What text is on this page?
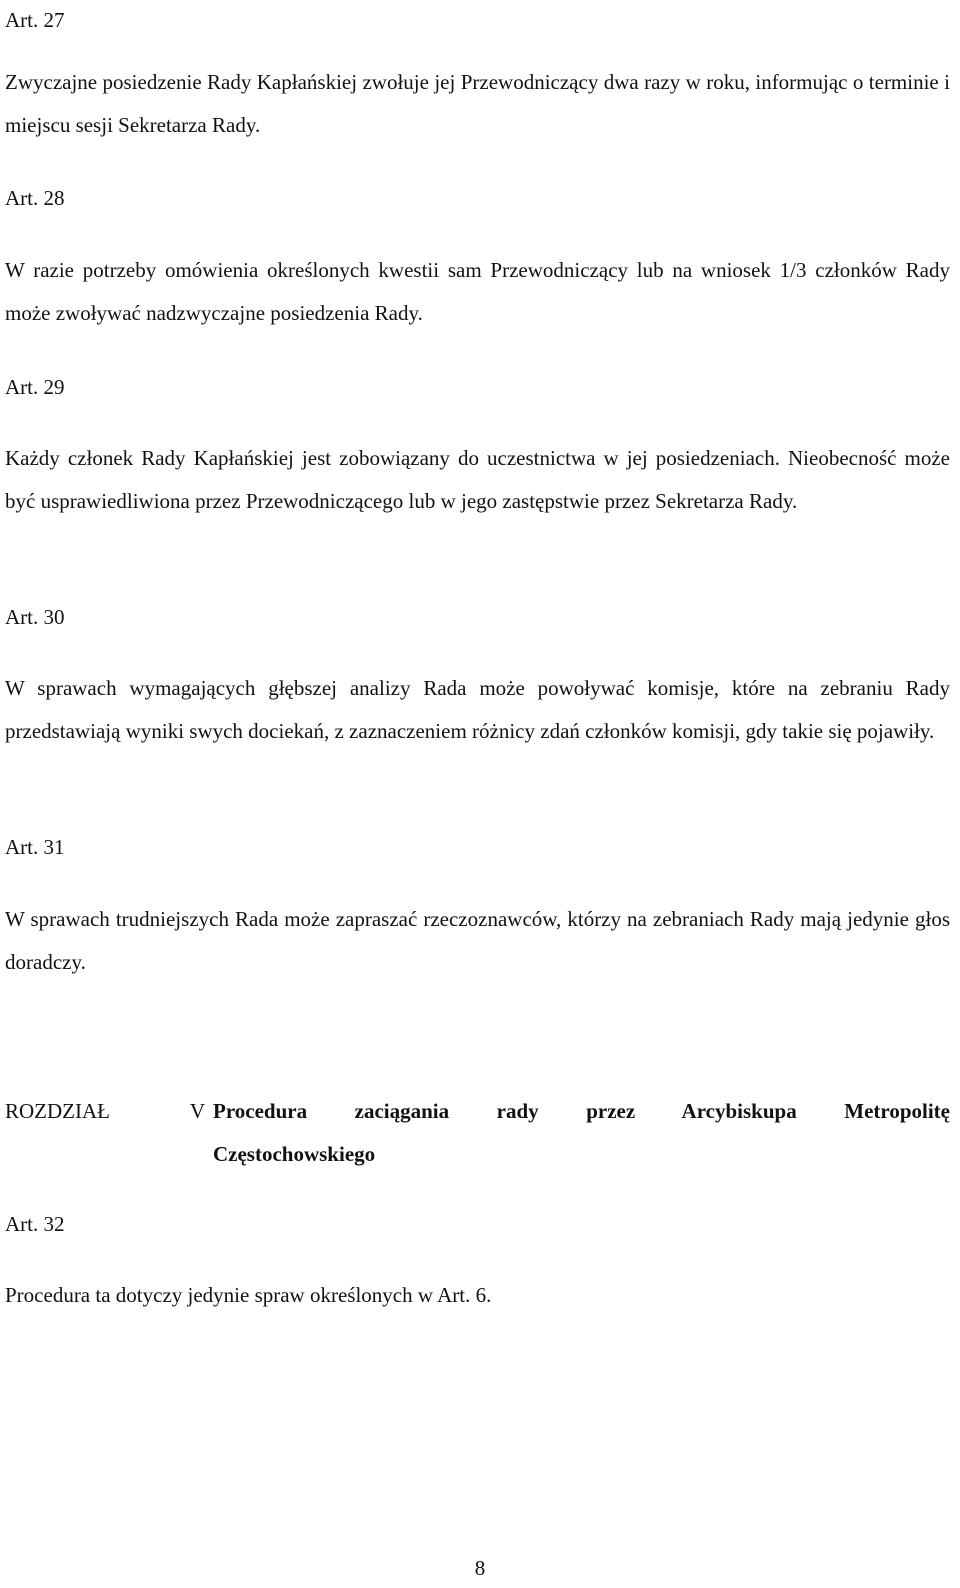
Art. 27

Zwyczajne posiedzenie Rady Kapłańskiej zwołuje jej Przewodniczący dwa razy w roku, informując o terminie i miejscu sesji Sekretarza Rady.

Art. 28

W razie potrzeby omówienia określonych kwestii sam Przewodniczący lub na wniosek 1/3 członków Rady może zwoływać nadzwyczajne posiedzenia Rady.

Art. 29

Każdy członek Rady Kapłańskiej jest zobowiązany do uczestnictwa w jej posiedzeniach. Nieobecność może być usprawiedliwiona przez Przewodniczącego lub w jego zastępstwie przez Sekretarza Rady.

Art. 30

W sprawach wymagających głębszej analizy Rada może powoływać komisje, które na zebraniu Rady przedstawiają wyniki swych dociekań, z zaznaczeniem różnicy zdań członków komisji, gdy takie się pojawiły.

Art. 31

W sprawach trudniejszych Rada może zapraszać rzeczoznawców, którzy na zebraniach Rady mają jedynie głos doradczy.

ROZDZIAŁ	V Procedura zaciągania rady przez Arcybiskupa Metropolitę
Częstochowskiego
Art. 32

Procedura ta dotyczy jedynie spraw określonych w Art. 6.

8
